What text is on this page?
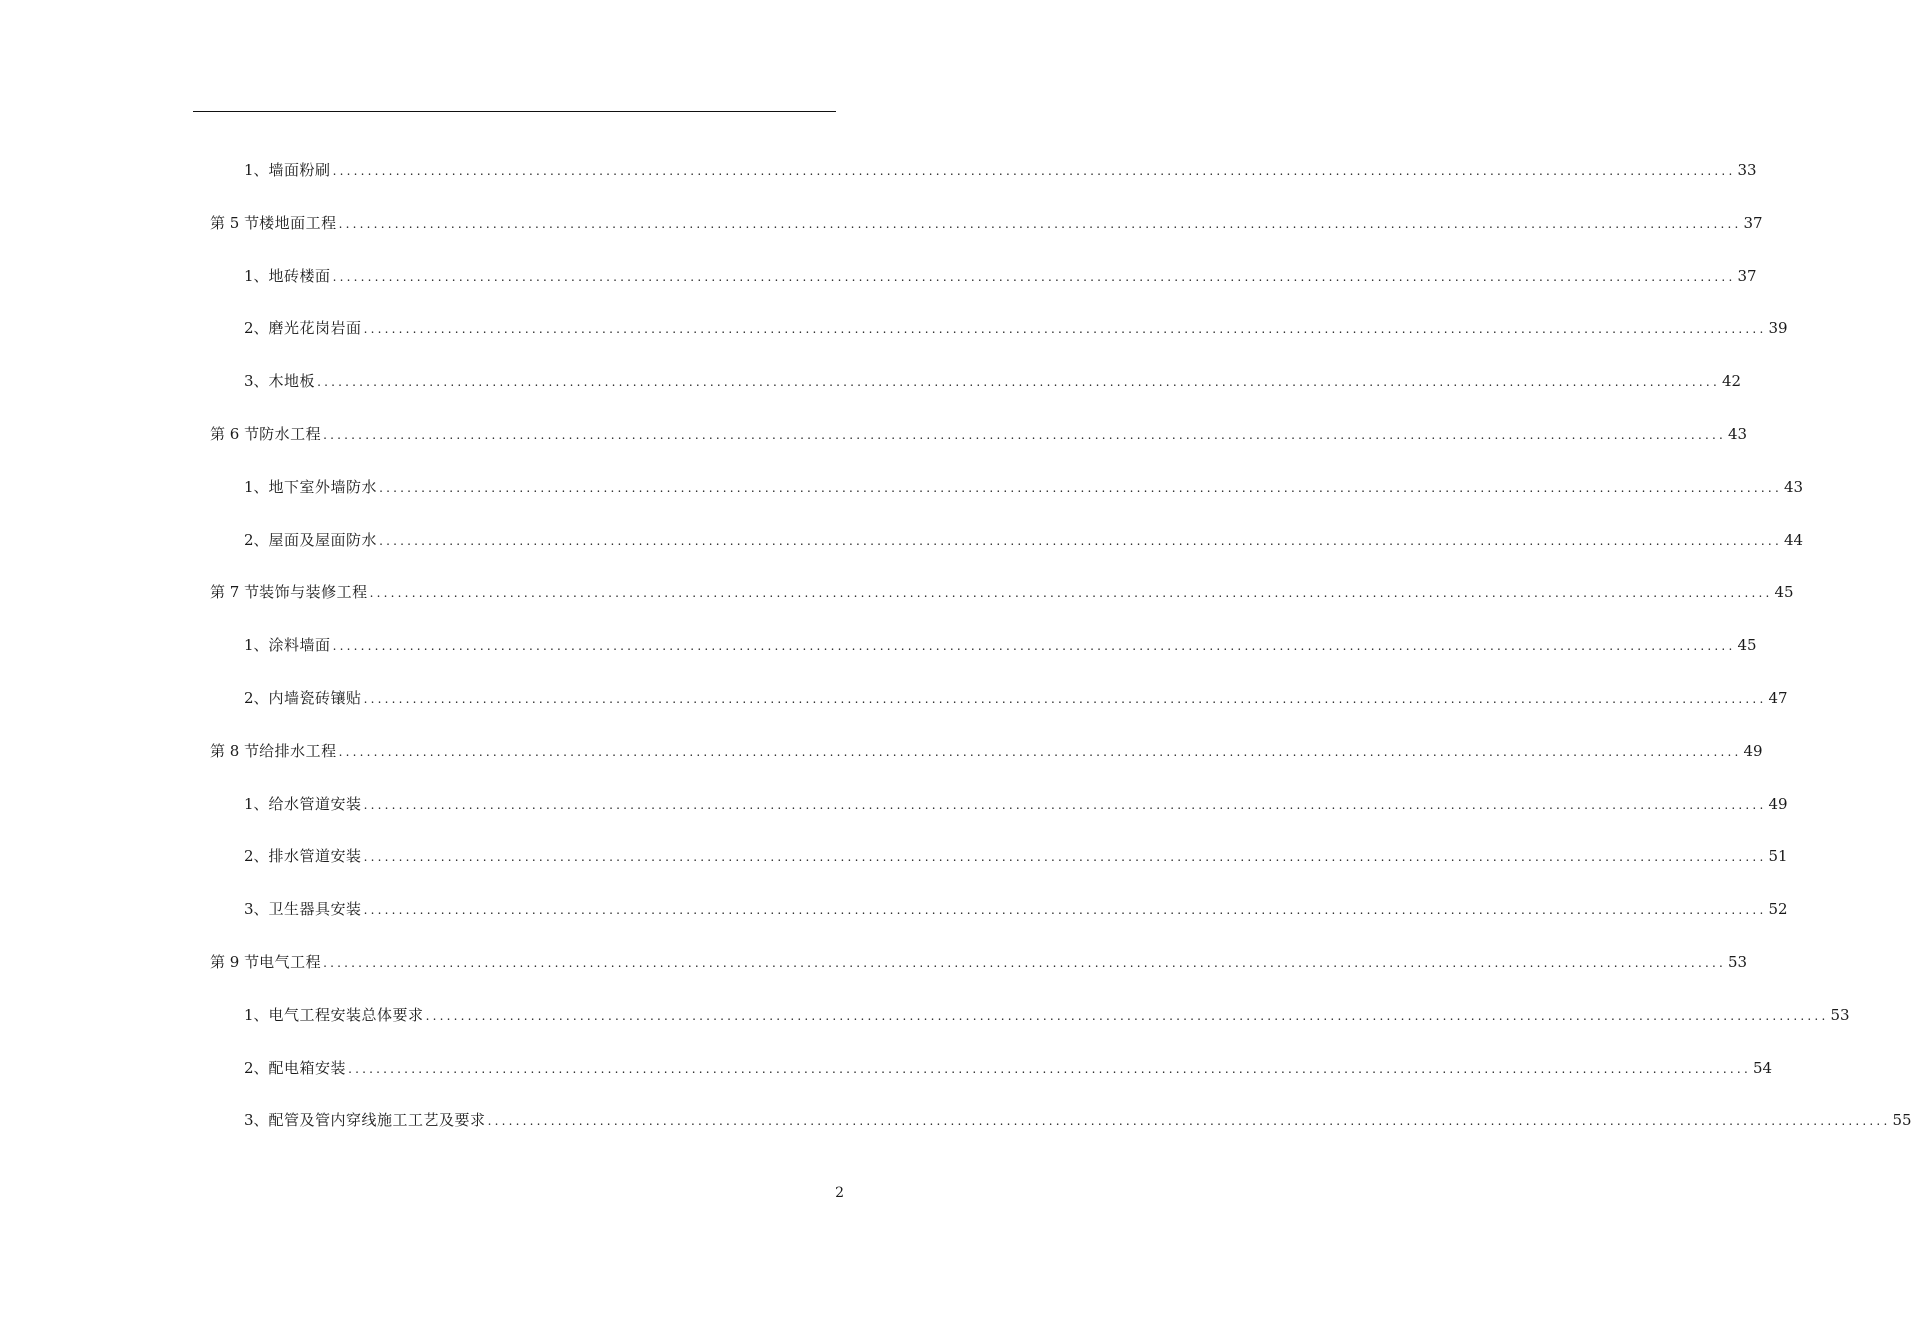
1、 墙面粉刷 ........................................................................................................................................................................................................ 33
第 5 节 楼地面工程 ........................................................................................................................................................................................................ 37
1、 地砖楼面 ........................................................................................................................................................................................................ 37
2、 磨光花岗岩面 ........................................................................................................................................................................................................ 39
3、 木地板 ........................................................................................................................................................................................................ 42
第 6 节 防水工程 ........................................................................................................................................................................................................ 43
1、 地下室外墙防水 ........................................................................................................................................................................................................ 43
2、 屋面及屋面防水 ........................................................................................................................................................................................................ 44
第 7 节 装饰与装修工程 ........................................................................................................................................................................................................ 45
1、 涂料墙面 ........................................................................................................................................................................................................ 45
2、 内墙瓷砖镶贴 ........................................................................................................................................................................................................ 47
第 8 节 给排水工程 ........................................................................................................................................................................................................ 49
1、 给水管道安装 ........................................................................................................................................................................................................ 49
2、 排水管道安装 ........................................................................................................................................................................................................ 51
3、 卫生器具安装 ........................................................................................................................................................................................................ 52
第 9 节 电气工程 ........................................................................................................................................................................................................ 53
1、 电气工程安装总体要求 ........................................................................................................................................................................................................ 53
2、 配电箱安装 ........................................................................................................................................................................................................ 54
3、 配管及管内穿线施工工艺及要求 ........................................................................................................................................................................................................ 55
2
